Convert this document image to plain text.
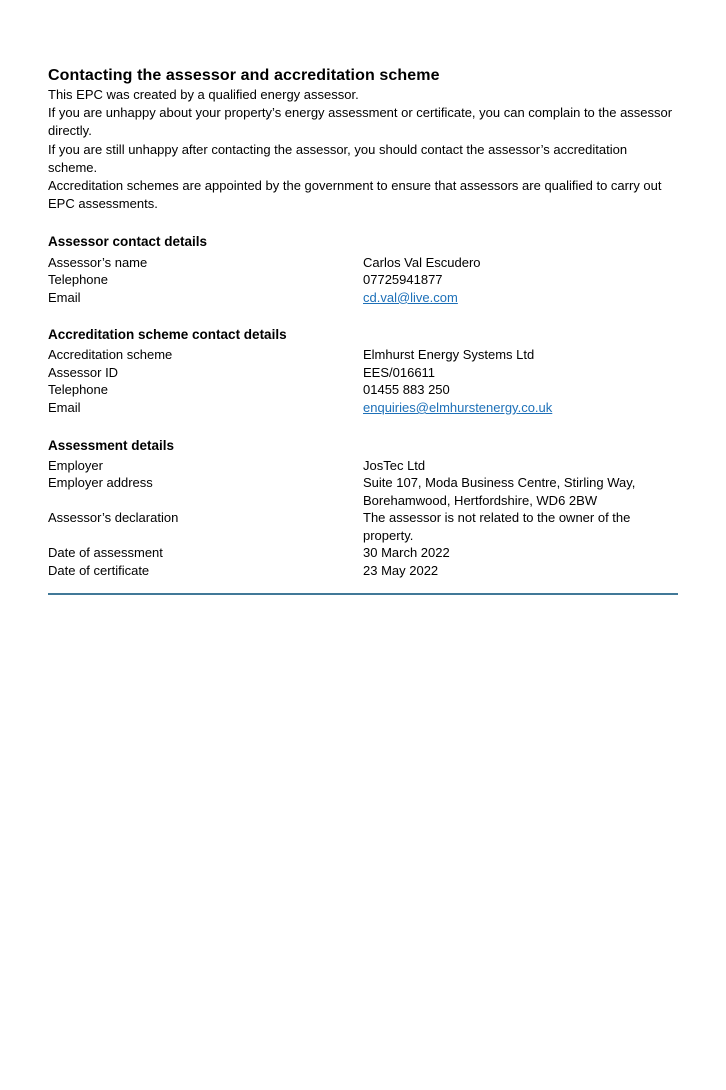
Contacting the assessor and accreditation scheme

This EPC was created by a qualified energy assessor.

If you are unhappy about your property’s energy assessment or certificate, you can complain to the assessor directly.

If you are still unhappy after contacting the assessor, you should contact the assessor’s accreditation scheme.

Accreditation schemes are appointed by the government to ensure that assessors are qualified to carry out EPC assessments.

Assessor contact details
Assessor’s name	Carlos Val Escudero
Telephone	07725941877
Email	cd.val@live.com
Accreditation scheme contact details
Accreditation scheme	Elmhurst Energy Systems Ltd
Assessor ID	EES/016611
Telephone	01455 883 250
Email	enquiries@elmhurstenergy.co.uk
Assessment details
Employer	JosTec Ltd
Employer address	Suite 107, Moda Business Centre, Stirling Way, Borehamwood, Hertfordshire, WD6 2BW
Assessor’s declaration	The assessor is not related to the owner of the property.
Date of assessment	30 March 2022
Date of certificate	23 May 2022
